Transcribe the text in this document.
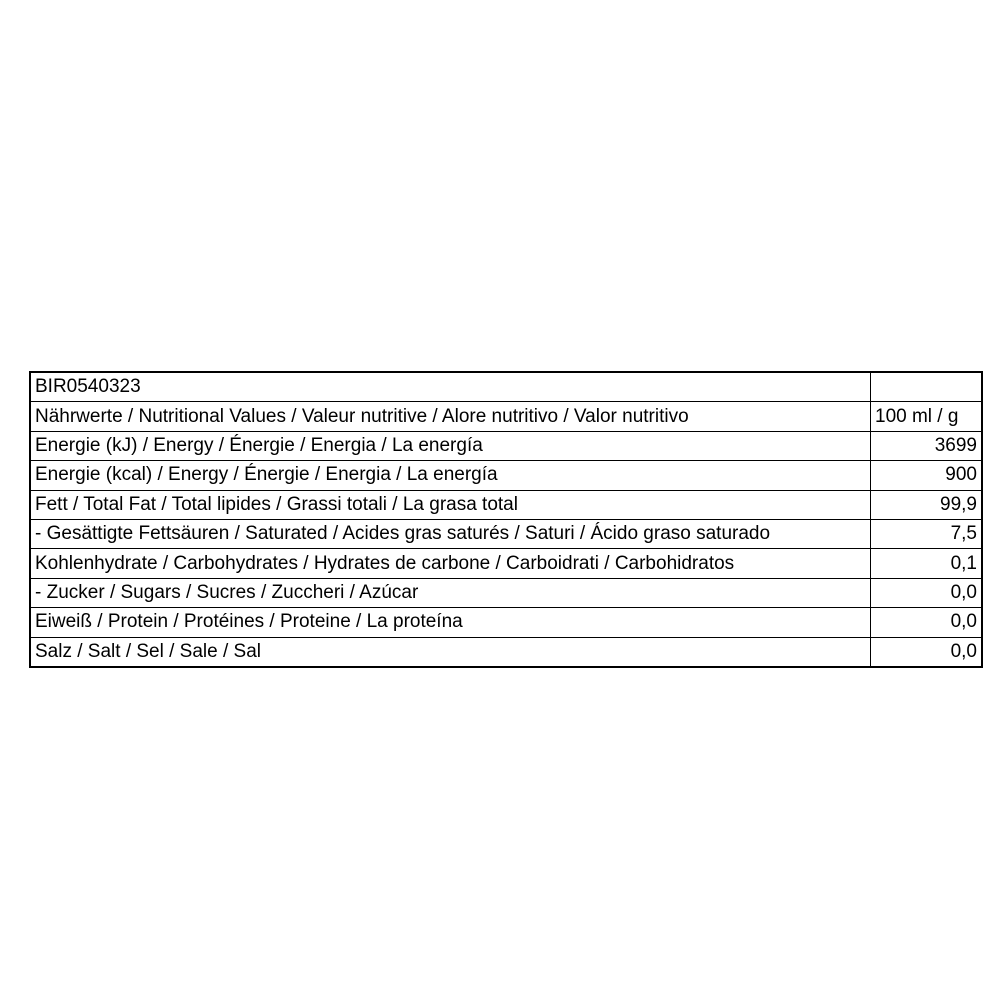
BIR0540323	
Nährwerte / Nutritional Values / Valeur nutritive / Alore nutritivo / Valor nutritivo	100 ml / g
Energie (kJ) / Energy / Énergie / Energia / La energía	3699
Energie (kcal) / Energy / Énergie / Energia / La energía	900
Fett / Total Fat / Total lipides / Grassi totali / La grasa total	99,9
- Gesättigte Fettsäuren / Saturated / Acides gras saturés / Saturi / Ácido graso saturado	7,5
Kohlenhydrate / Carbohydrates / Hydrates de carbone / Carboidrati / Carbohidratos	0,1
- Zucker / Sugars / Sucres / Zuccheri / Azúcar	0,0
Eiweiß / Protein / Protéines / Proteine / La proteína	0,0
Salz / Salt / Sel / Sale / Sal	0,0
